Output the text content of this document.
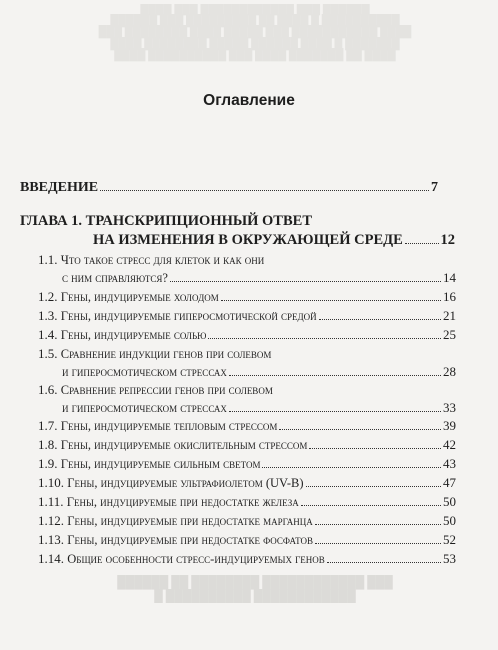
████ ███ ████████████ ███ ██████
██████ ███ █████████ ██ ████ █ ██████████
███ ████████ ████ █████ ███ ███████████ ████
████ ████████ █████ ██████ ████ █ ███████
████ ██████████ ███ ████ ███████ ██ ████
Оглавление
ВВЕДЕНИЕ	7
ГЛАВА 1. ТРАНСКРИПЦИОННЫЙ ОТВЕТ
НА ИЗМЕНЕНИЯ В ОКРУЖАЮЩЕЙ СРЕДЕ	12
1.1. Что такое стресс для клеток и как они
с ним справляются?	14
1.2.
Гены, индуцируемые холодом	16
1.3.
Гены, индуцируемые гиперосмотической средой	21
1.4.
Гены, индуцируемые солью	25
1.5. Сравнение индукции генов при солевом
и гиперосмотическом стрессах	28
1.6. Сравнение репрессии генов при солевом
и гиперосмотическом стрессах	33
1.7.
Гены, индуцируемые тепловым стрессом	39
1.8.
Гены, индуцируемые окислительным стрессом	42
1.9.
Гены, индуцируемые сильным светом	43
1.10.
Гены, индуцируемые ультрафиолетом (UV-B)	47
1.11.
Гены, индуцируемые при недостатке железа	50
1.12.
Гены, индуцируемые при недостатке марганца	50
1.13.
Гены, индуцируемые при недостатке фосфатов	52
1.14.
Общие особенности стресс-индуцируемых генов	53
██████ ██ ████████ ████████████ ███
█ ██████████ ████████████
